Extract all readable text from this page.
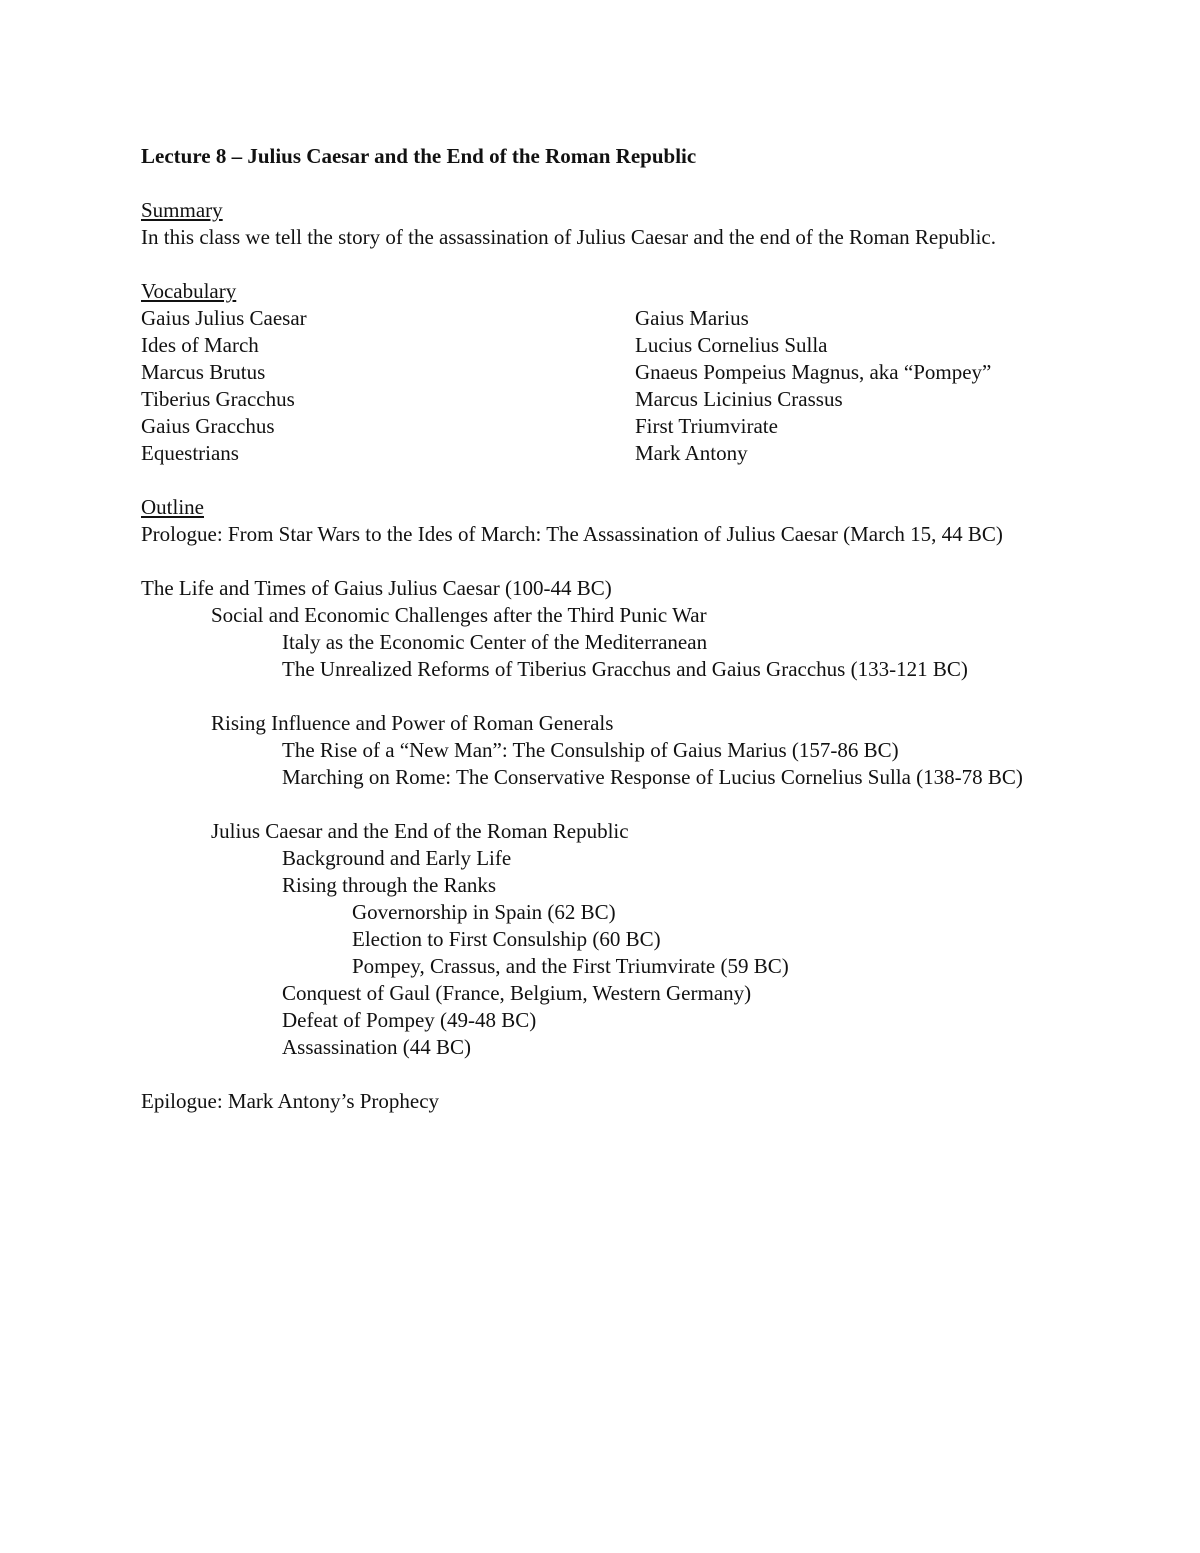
Lecture 8 – Julius Caesar and the End of the Roman Republic
Summary

In this class we tell the story of the assassination of Julius Caesar and the end of the Roman Republic.

Vocabulary
Gaius Julius Caesar
Ides of March
Marcus Brutus
Tiberius Gracchus
Gaius Gracchus
Equestrians
Gaius Marius
Lucius Cornelius Sulla
Gnaeus Pompeius Magnus, aka “Pompey”
Marcus Licinius Crassus
First Triumvirate
Mark Antony
Outline
Prologue: From Star Wars to the Ides of March: The Assassination of Julius Caesar (March 15, 44 BC)
The Life and Times of Gaius Julius Caesar (100-44 BC)
Social and Economic Challenges after the Third Punic War
Italy as the Economic Center of the Mediterranean
The Unrealized Reforms of Tiberius Gracchus and Gaius Gracchus (133-121 BC)
Rising Influence and Power of Roman Generals
The Rise of a “New Man”: The Consulship of Gaius Marius (157-86 BC)
Marching on Rome: The Conservative Response of Lucius Cornelius Sulla (138-78 BC)
Julius Caesar and the End of the Roman Republic
Background and Early Life
Rising through the Ranks
Governorship in Spain (62 BC)
Election to First Consulship (60 BC)
Pompey, Crassus, and the First Triumvirate (59 BC)
Conquest of Gaul (France, Belgium, Western Germany)
Defeat of Pompey (49-48 BC)
Assassination (44 BC)
Epilogue: Mark Antony’s Prophecy
